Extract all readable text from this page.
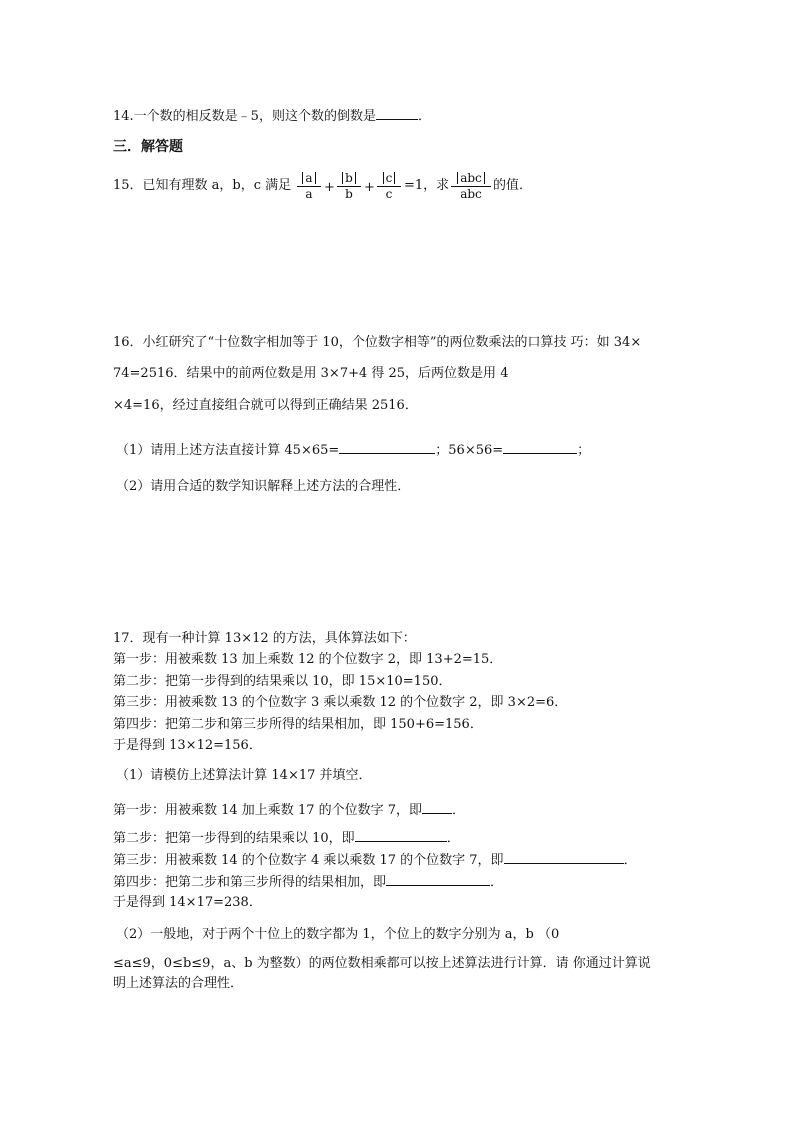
14.一个数的相反数是﹣5，则这个数的倒数是	．
三．解答题
15．已知有理数 a，b，c 满足	a
a +
b
b +
c
c
=1，求 abc
abc
的值．
16．小红研究了“十位数字相加等于 10，个位数字相等”的两位数乘法的口算技 巧：如 34×
74=2516．结果中的前两位数是用 3×7+4 得 25，后两位数是用 4
×4=16，经过直接组合就可以得到正确结果 2516．
（1）请用上述方法直接计算 45×65=	；56×56=	；
（2）请用合适的数学知识解释上述方法的合理性．
17．现有一种计算 13×12 的方法，具体算法如下：
第一步：用被乘数 13 加上乘数 12 的个位数字 2，即 13+2=15．
第二步：把第一步得到的结果乘以 10，即 15×10=150．
第三步：用被乘数 13 的个位数字 3 乘以乘数 12 的个位数字 2，即 3×2=6．
第四步：把第二步和第三步所得的结果相加，即 150+6=156．
于是得到 13×12=156．
（1）请模仿上述算法计算 14×17 并填空．
第一步：用被乘数 14 加上乘数 17 的个位数字 7，即 ．
第二步：把第一步得到的结果乘以 10，即	．
第三步：用被乘数 14 的个位数字 4 乘以乘数 17 的个位数字 7，即	．
第四步：把第二步和第三步所得的结果相加，即	．
于是得到 14×17=238．
（2）一般地，对于两个十位上的数字都为 1，个位上的数字分别为 a，b （0
≤a≤9，0≤b≤9，a、b 为整数）的两位数相乘都可以按上述算法进行计算．请 你通过计算说
明上述算法的合理性．
